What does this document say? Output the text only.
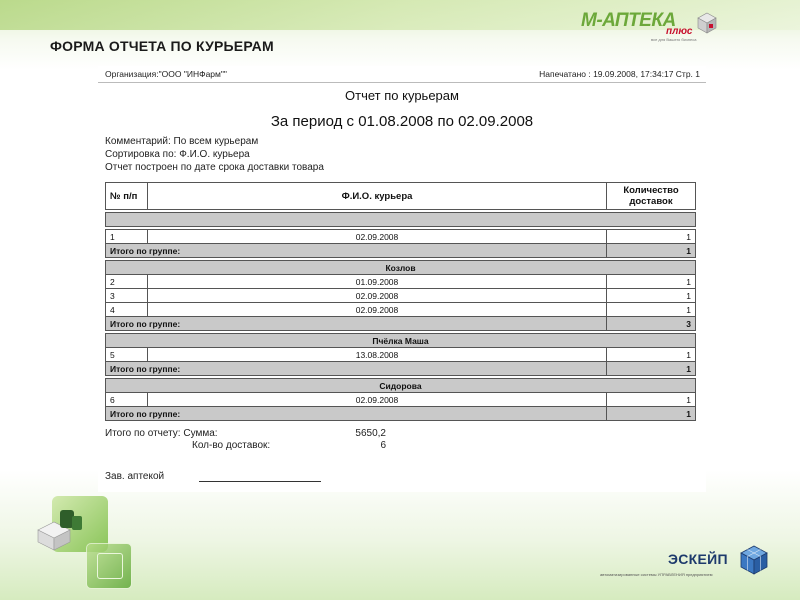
ФОРМА ОТЧЕТА ПО КУРЬЕРАМ
М-АПТЕКА
плюс
все для Вашего бизнеса
Организация:"ООО "ИНФарм""	Напечатано : 19.09.2008, 17:34:17 Стр. 1
Отчет по курьерам
За период с 01.08.2008 по 02.09.2008
Комментарий: По всем курьерам
Сортировка по: Ф.И.О. курьера
Отчет построен по дате срока доставки товара
№ п/п	Ф.И.О. курьера	Количество доставок

1	02.09.2008	1
Итого по группе:		1

Козлов		
2	01.09.2008	1
3	02.09.2008	1
4	02.09.2008	1
Итого по группе:		3

Пчёлка Маша		
5	13.08.2008	1
Итого по группе:		1

Сидорова		
6	02.09.2008	1
Итого по группе:		1
Итого по отчету: Сумма:	5650,2
Кол-во доставок:	6
Зав. аптекой
ЭСКЕЙП
автоматизированные системы УПРАВЛЕНИЯ предприятием
